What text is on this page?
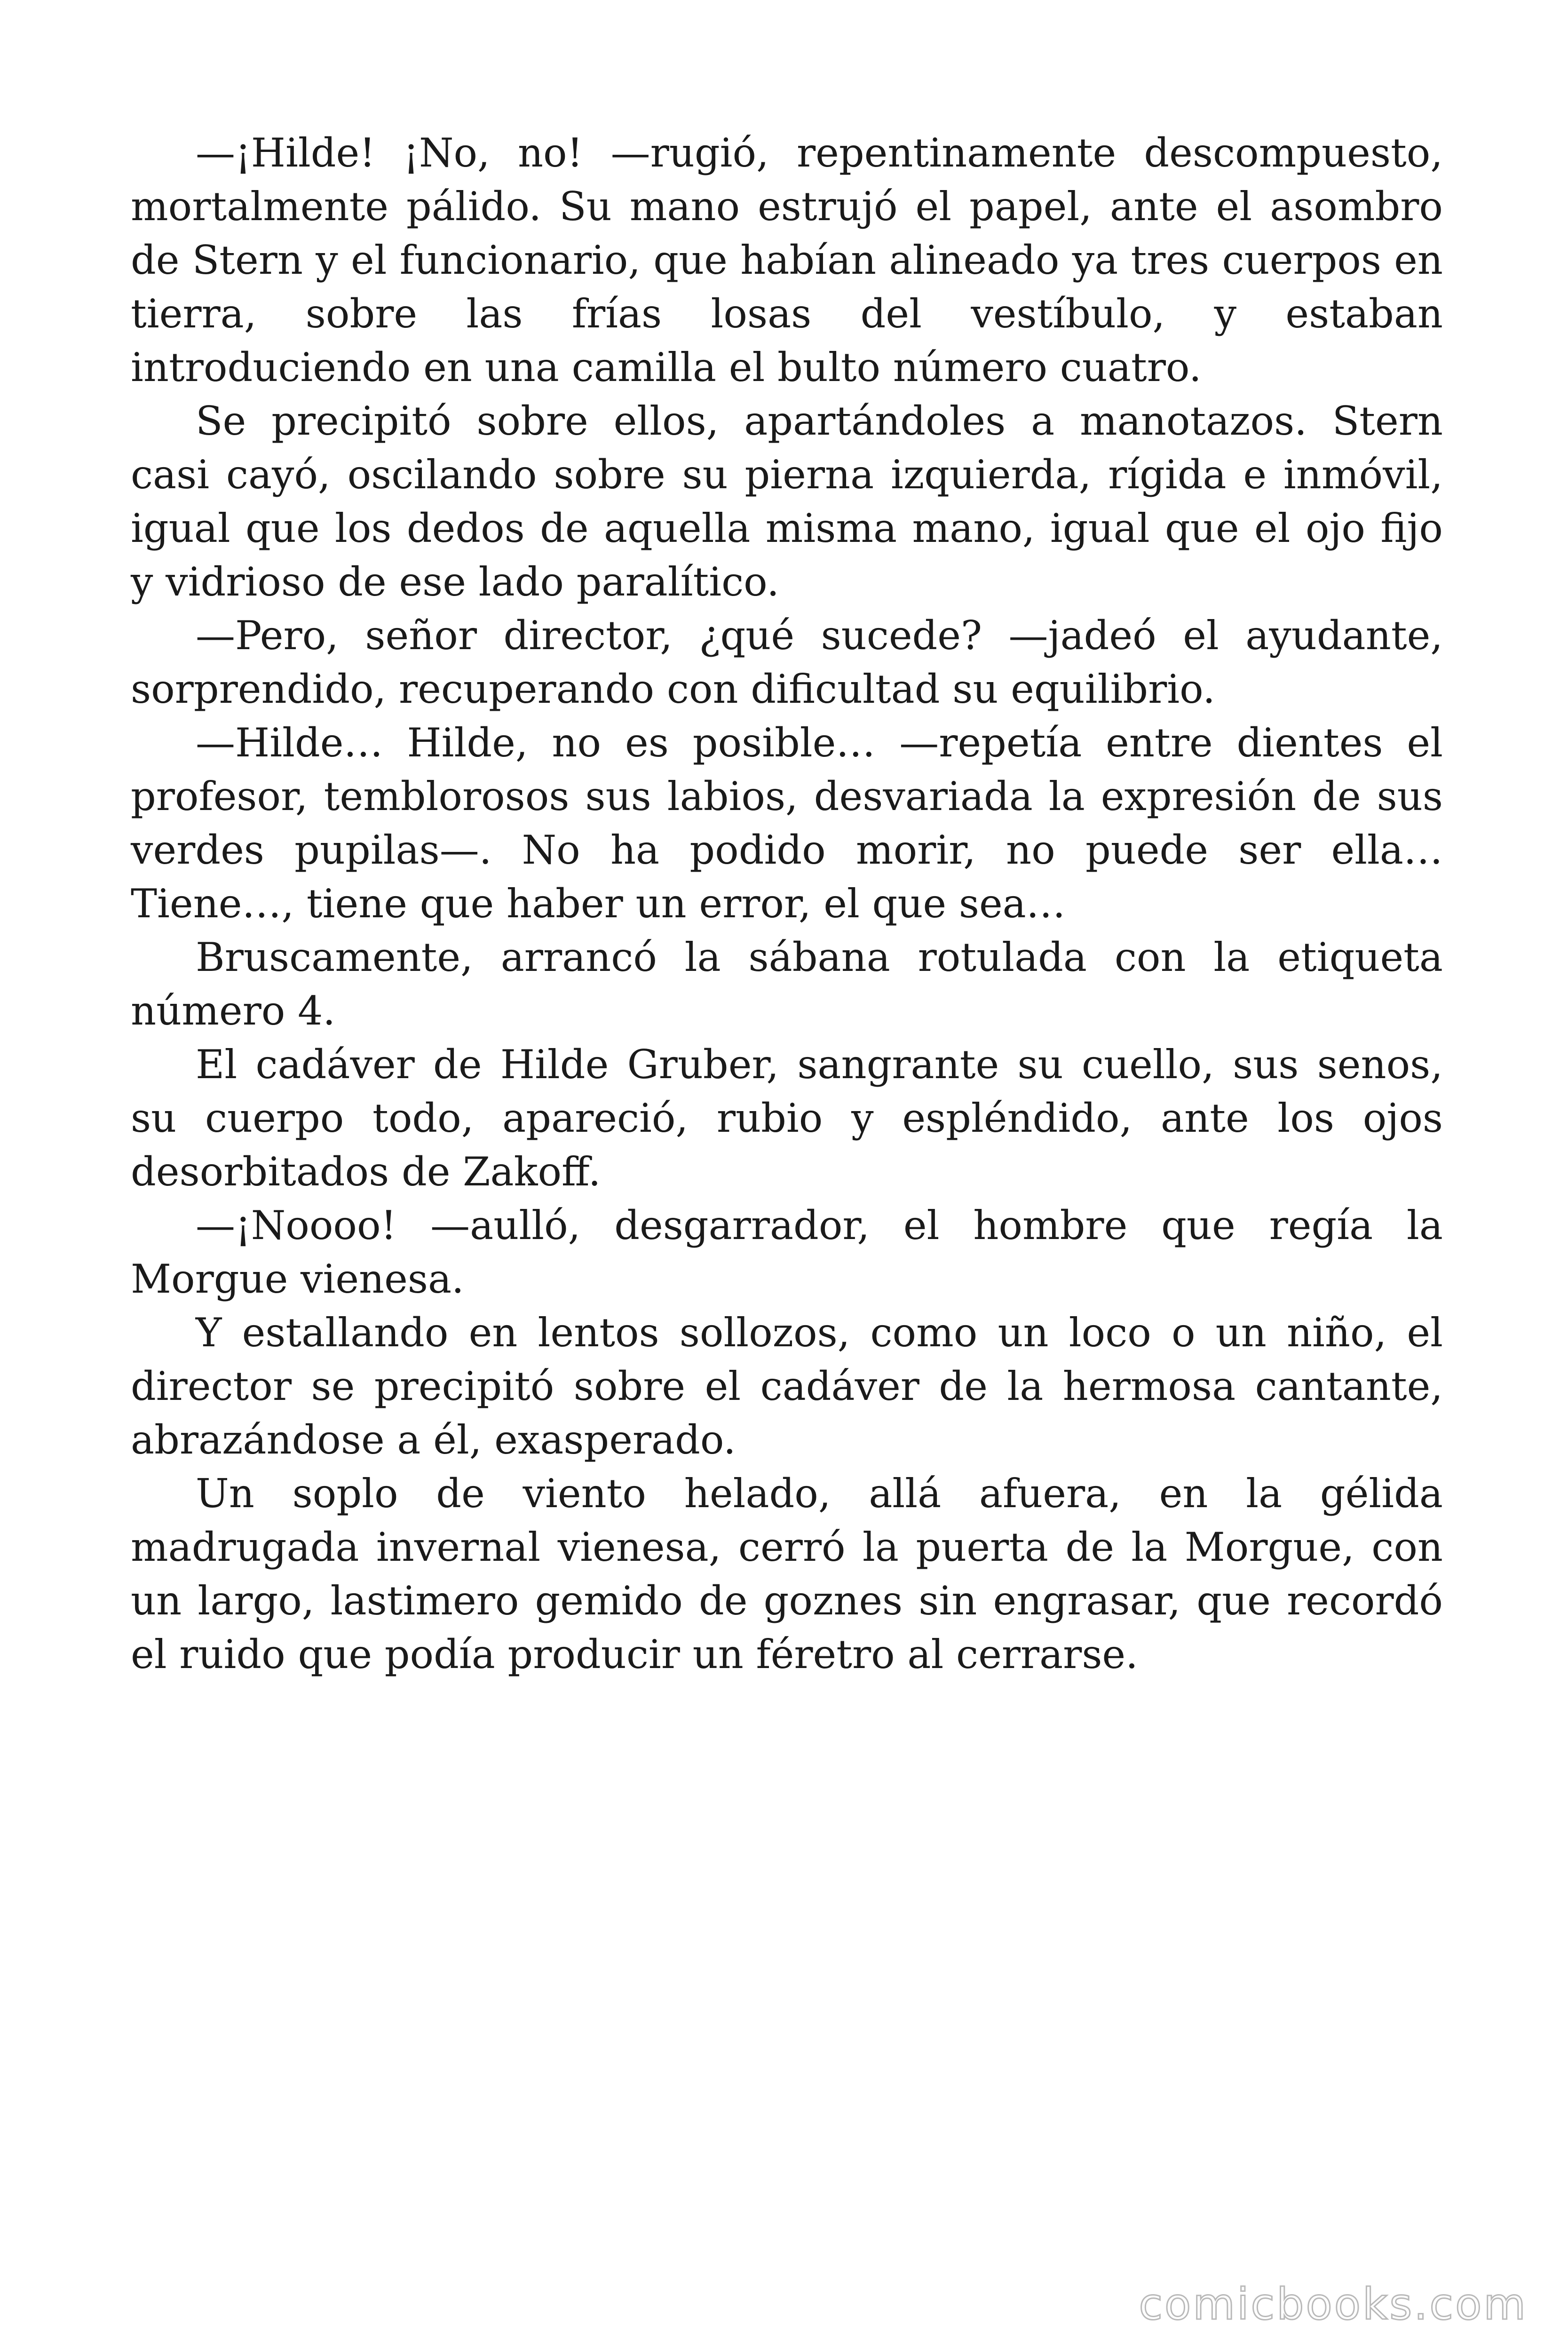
—¡Hilde! ¡No, no! —rugió, repentinamente descompuesto, mortalmente pálido. Su mano estrujó el papel, ante el asombro de Stern y el funcionario, que habían alineado ya tres cuerpos en tierra, sobre las frías losas del vestíbulo, y estaban introduciendo en una camilla el bulto número cuatro.

Se precipitó sobre ellos, apartándoles a manotazos. Stern casi cayó, oscilando sobre su pierna izquierda, rígida e inmóvil, igual que los dedos de aquella misma mano, igual que el ojo fijo y vidrioso de ese lado paralítico.

—Pero, señor director, ¿qué sucede? —jadeó el ayudante, sorprendido, recuperando con dificultad su equilibrio.

—Hilde… Hilde, no es posible… —repetía entre dientes el profesor, temblorosos sus labios, desvariada la expresión de sus verdes pupilas—. No ha podido morir, no puede ser ella… Tiene…, tiene que haber un error, el que sea…

Bruscamente, arrancó la sábana rotulada con la etiqueta número 4.

El cadáver de Hilde Gruber, sangrante su cuello, sus senos, su cuerpo todo, apareció, rubio y espléndido, ante los ojos desorbitados de Zakoff.

—¡Noooo! —aulló, desgarrador, el hombre que regía la Morgue vienesa.

Y estallando en lentos sollozos, como un loco o un niño, el director se precipitó sobre el cadáver de la hermosa cantante, abrazándose a él, exasperado.

Un soplo de viento helado, allá afuera, en la gélida madrugada invernal vienesa, cerró la puerta de la Morgue, con un largo, lastimero gemido de goznes sin engrasar, que recordó el ruido que podía producir un féretro al cerrarse.

comicbooks.com
